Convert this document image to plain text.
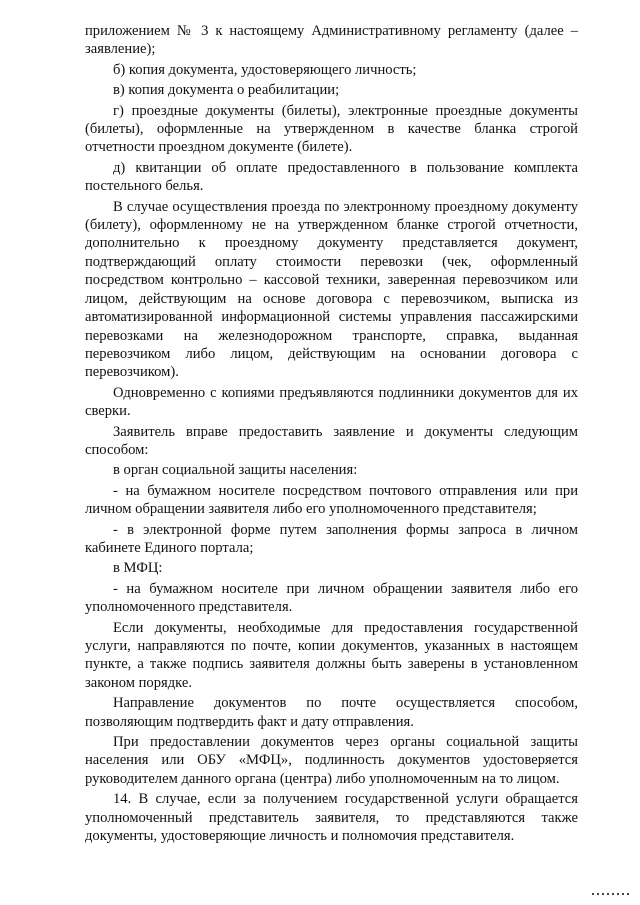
приложением № 3 к настоящему Административному регламенту (далее – заявление);

б) копия документа, удостоверяющего личность;

в) копия документа о реабилитации;

г) проездные документы (билеты), электронные проездные документы (билеты), оформленные на утвержденном в качестве бланка строгой отчетности проездном документе (билете).

д) квитанции об оплате предоставленного в пользование комплекта постельного белья.

В случае осуществления проезда по электронному проездному документу (билету), оформленному не на утвержденном бланке строгой отчетности, дополнительно к проездному документу представляется документ, подтверждающий оплату стоимости перевозки (чек, оформленный посредством контрольно – кассовой техники, заверенная перевозчиком или лицом, действующим на основе договора с перевозчиком, выписка из автоматизированной информационной системы управления пассажирскими перевозками на железнодорожном транспорте, справка, выданная перевозчиком либо лицом, действующим на основании договора с перевозчиком).

Одновременно с копиями предъявляются подлинники документов для их сверки.

Заявитель вправе предоставить заявление и документы следующим способом:

в орган социальной защиты населения:

- на бумажном носителе посредством почтового отправления или при личном обращении заявителя либо его уполномоченного представителя;

- в электронной форме путем заполнения формы запроса в личном кабинете Единого портала;

в МФЦ:

- на бумажном носителе при личном обращении заявителя либо его уполномоченного представителя.

Если документы, необходимые для предоставления государственной услуги, направляются по почте, копии документов, указанных в настоящем пункте, а также подпись заявителя должны быть заверены в установленном законом порядке.

Направление документов по почте осуществляется способом, позволяющим подтвердить факт и дату отправления.

При предоставлении документов через органы социальной защиты населения или ОБУ «МФЦ», подлинность документов удостоверяется руководителем данного органа (центра) либо уполномоченным на то лицом.

14. В случае, если за получением государственной услуги обращается уполномоченный представитель заявителя, то представляются также документы, удостоверяющие личность и полномочия представителя.
